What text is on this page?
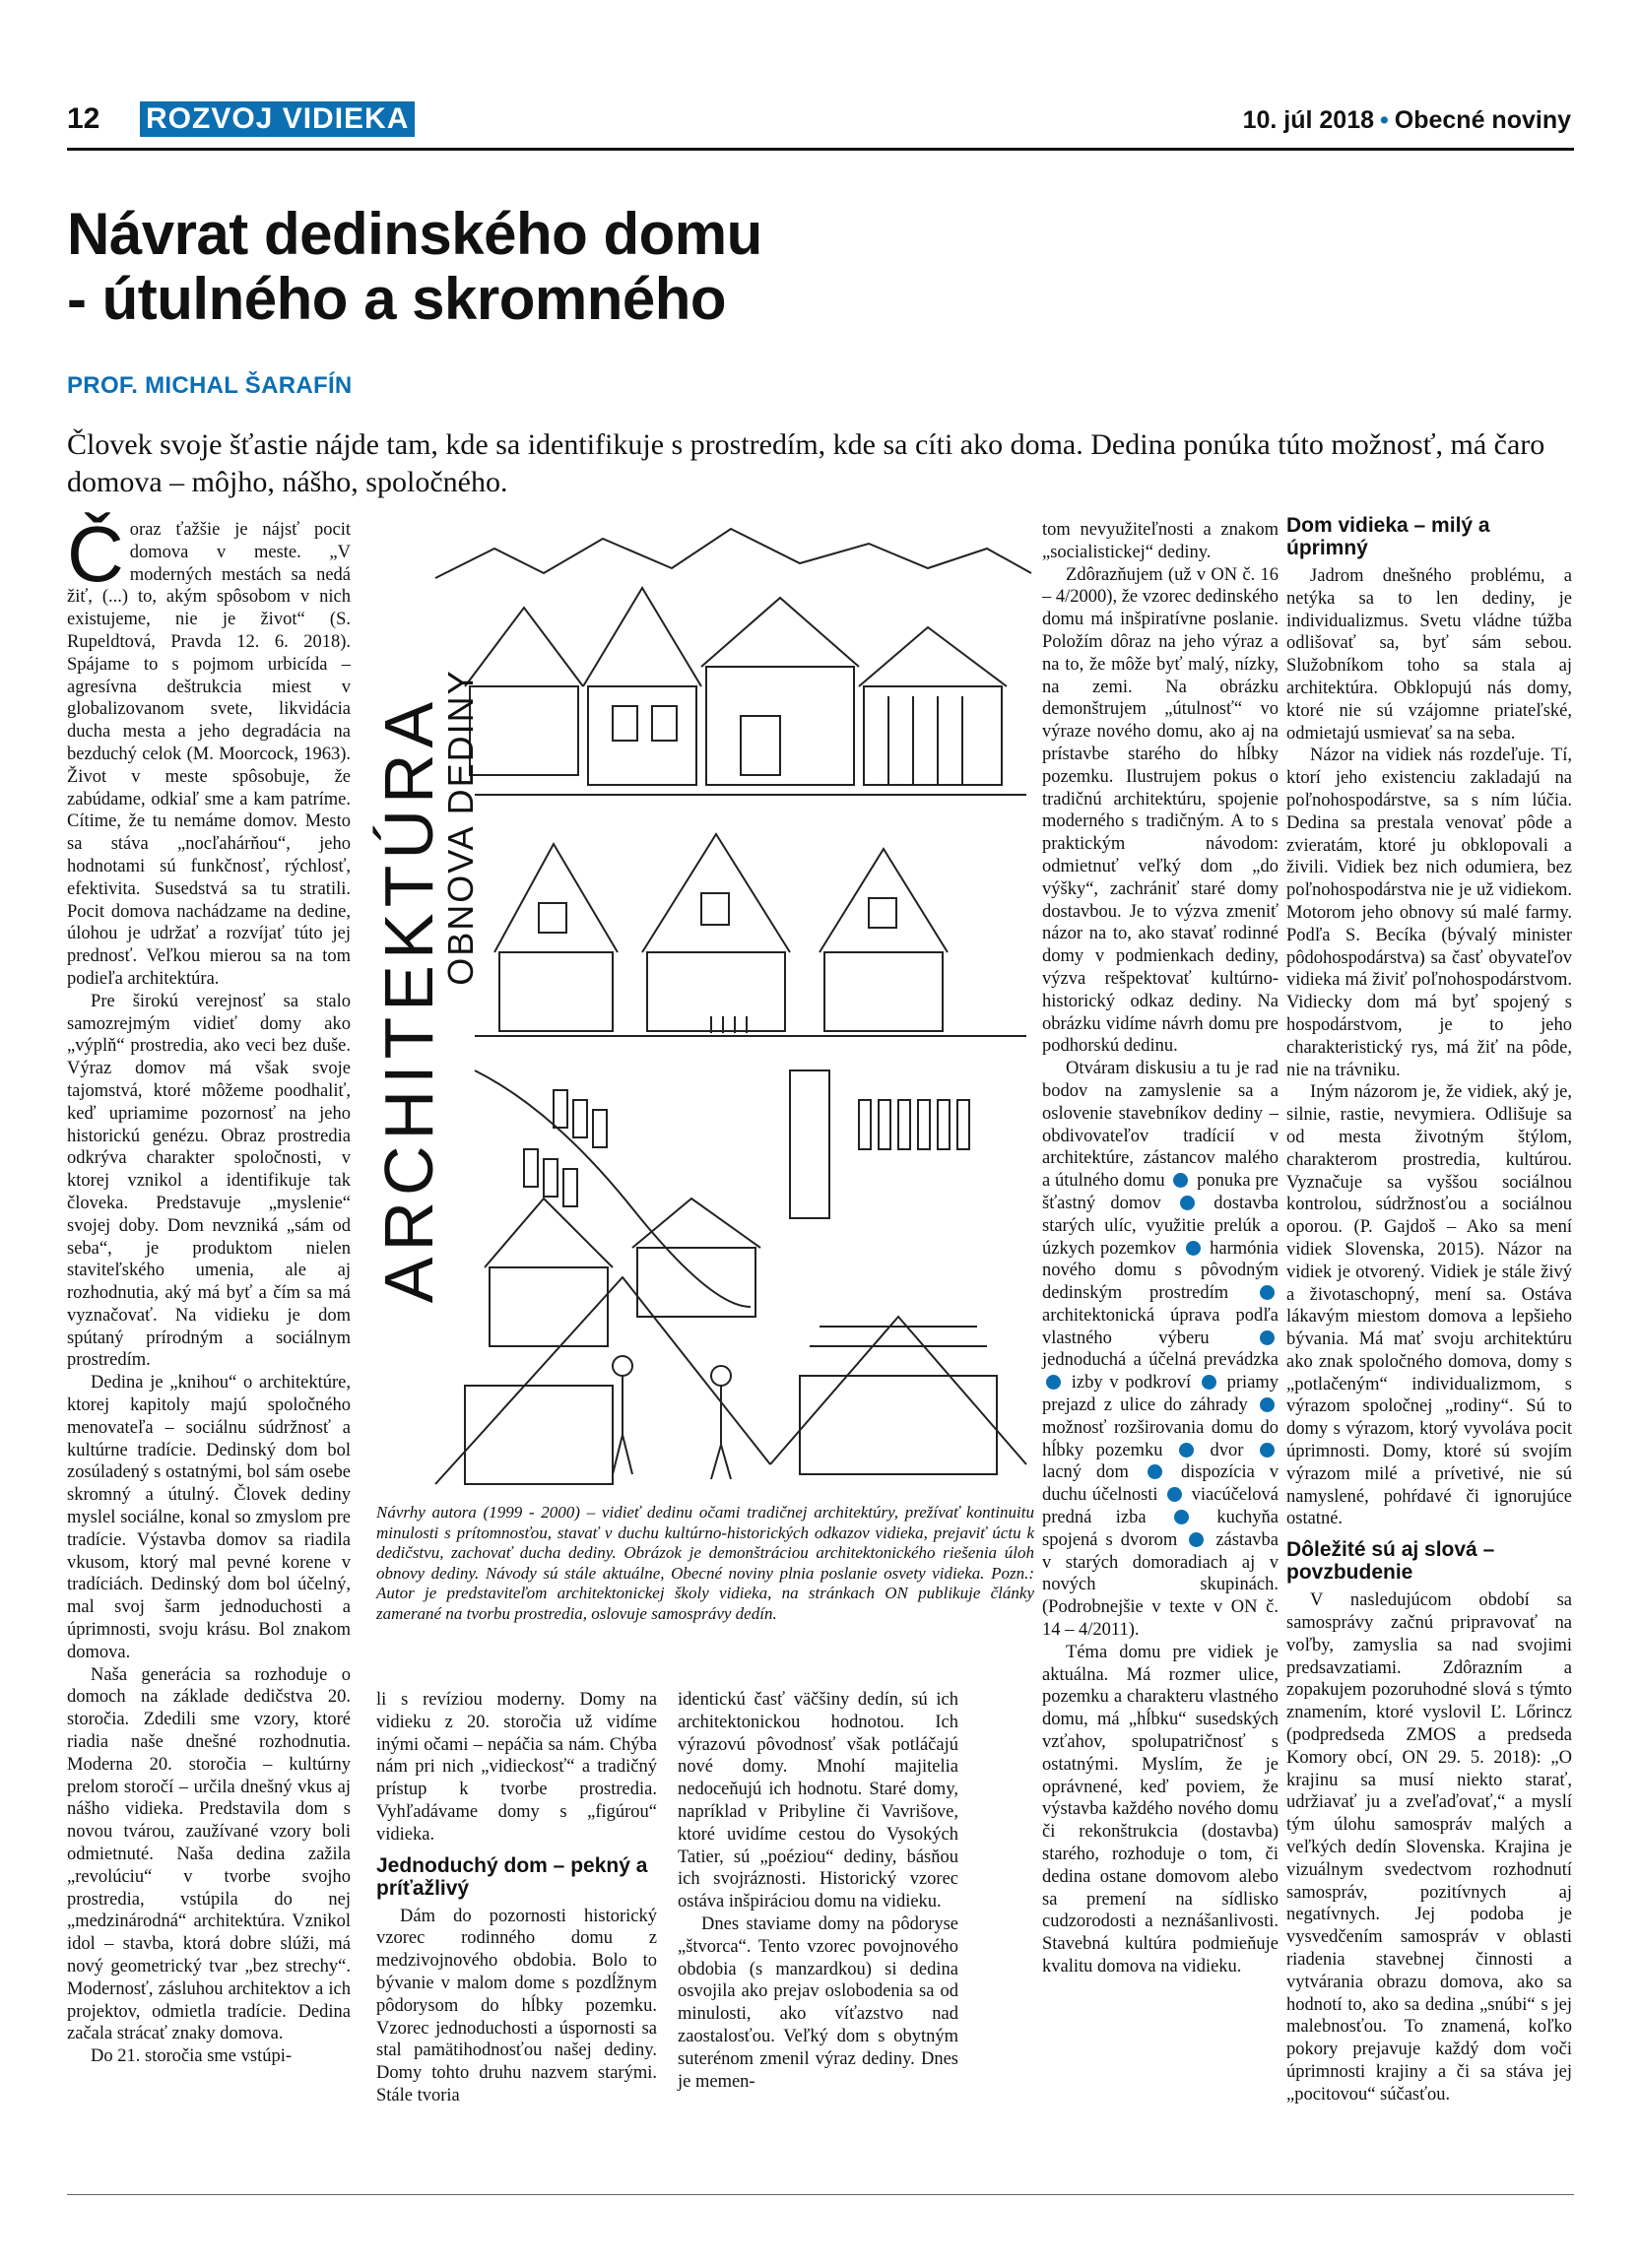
12 ROZVOJ VIDIEKA	10. júl 2018 • Obecné noviny
Návrat dedinského domu
- útulného a skromného
PROF. MICHAL ŠARAFÍN
Človek svoje šťastie nájde tam, kde sa identifikuje s prostredím, kde sa cíti ako doma. Dedina ponúka túto možnosť, má čaro domova – môjho, nášho, spoločného.

Čoraz ťažšie je nájsť pocit domova v meste. „V moderných mestách sa nedá žiť, (...) to, akým spôsobom v nich existujeme, nie je život“ (S. Rupeldtová, Pravda 12. 6. 2018). Spájame to s pojmom urbicída – agresívna deštrukcia miest v globalizovanom svete, likvidácia ducha mesta a jeho degradácia na bezduchý celok (M. Moorcock, 1963). Život v meste spôsobuje, že zabúdame, odkiaľ sme a kam patríme. Cítime, že tu nemáme domov. Mesto sa stáva „nocľahárňou“, jeho hodnotami sú funkčnosť, rýchlosť, efektivita. Susedstvá sa tu stratili. Pocit domova nachádzame na dedine, úlohou je udržať a rozvíjať túto jej prednosť. Veľkou mierou sa na tom podieľa architektúra.

Pre širokú verejnosť sa stalo samozrejmým vidieť domy ako „výplň“ prostredia, ako veci bez duše. Výraz domov má však svoje tajomstvá, ktoré môžeme poodhaliť, keď upriamime pozornosť na jeho historickú genézu. Obraz prostredia odkrýva charakter spoločnosti, v ktorej vznikol a identifikuje tak človeka. Predstavuje „myslenie“ svojej doby. Dom nevzniká „sám od seba“, je produktom nielen staviteľského umenia, ale aj rozhodnutia, aký má byť a čím sa má vyznačovať. Na vidieku je dom spútaný prírodným a sociálnym prostredím.

Dedina je „knihou“ o architektúre, ktorej kapitoly majú spoločného menovateľa – sociálnu súdržnosť a kultúrne tradície. Dedinský dom bol zosúladený s ostatnými, bol sám osebe skromný a útulný. Človek dediny myslel sociálne, konal so zmyslom pre tradície. Výstavba domov sa riadila vkusom, ktorý mal pevné korene v tradíciách. Dedinský dom bol účelný, mal svoj šarm jednoduchosti a úprimnosti, svoju krásu. Bol znakom domova.

Naša generácia sa rozhoduje o domoch na základe dedičstva 20. storočia. Zdedili sme vzory, ktoré riadia naše dnešné rozhodnutia. Moderna 20. storočia – kultúrny prelom storočí – určila dnešný vkus aj nášho vidieka. Predstavila dom s novou tvárou, zaužívané vzory boli odmietnuté. Naša dedina zažila „revolúciu“ v tvorbe svojho prostredia, vstúpila do nej „medzinárodná“ architektúra. Vznikol idol – stavba, ktorá dobre slúži, má nový geometrický tvar „bez strechy“. Modernosť, zásluhou architektov a ich projektov, odmietla tradície. Dedina začala strácať znaky domova.

Do 21. storočia sme vstúpi-

ARCHITEKTÚRA
OBNOVA DEDINY
Návrhy autora (1999 - 2000) – vidieť dedinu očami tradičnej architektúry, prežívať kontinuitu minulosti s prítomnosťou, stavať v duchu kultúrno-historických odkazov vidieka, prejaviť úctu k dedičstvu, zachovať ducha dediny. Obrázok je demonštráciou architektonického riešenia úloh obnovy dediny. Návody sú stále aktuálne, Obecné noviny plnia poslanie osvety vidieka. Pozn.: Autor je predstaviteľom architektonickej školy vidieka, na stránkach ON publikuje články zamerané na tvorbu prostredia, oslovuje samosprávy dedín.

li s revíziou moderny. Domy na vidieku z 20. storočia už vidíme inými očami – nepáčia sa nám. Chýba nám pri nich „vidieckosť“ a tradičný prístup k tvorbe prostredia. Vyhľadávame domy s „figúrou“ vidieka.

Jednoduchý dom – pekný a príťažlivý

Dám do pozornosti historický vzorec rodinného domu z medzivojnového obdobia. Bolo to bývanie v malom dome s pozdĺžnym pôdorysom do hĺbky pozemku. Vzorec jednoduchosti a úspornosti sa stal pamätihodnosťou našej dediny. Domy tohto druhu nazvem starými. Stále tvoria

identickú časť väčšiny dedín, sú ich architektonickou hodnotou. Ich výrazovú pôvodnosť však potláčajú nové domy. Mnohí majitelia nedoceňujú ich hodnotu. Staré domy, napríklad v Pribyline či Vavrišove, ktoré uvidíme cestou do Vysokých Tatier, sú „poéziou“ dediny, básňou ich svojráznosti. Historický vzorec ostáva inšpiráciou domu na vidieku.

Dnes staviame domy na pôdoryse „štvorca“. Tento vzorec povojnového obdobia (s manzardkou) si dedina osvojila ako prejav oslobodenia sa od minulosti, ako víťazstvo nad zaostalosťou. Veľký dom s obytným suterénom zmenil výraz dediny. Dnes je memen-

tom nevyužiteľnosti a znakom „socialistickej“ dediny.

Zdôrazňujem (už v ON č. 16 – 4/2000), že vzorec dedinského domu má inšpiratívne poslanie. Položím dôraz na jeho výraz a na to, že môže byť malý, nízky, na zemi. Na obrázku demonštrujem „útulnosť“ vo výraze nového domu, ako aj na prístavbe starého do hĺbky pozemku. Ilustrujem pokus o tradičnú architektúru, spojenie moderného s tradičným. A to s praktickým návodom: odmietnuť veľký dom „do výšky“, zachrániť staré domy dostavbou. Je to výzva zmeniť názor na to, ako stavať rodinné domy v podmienkach dediny, výzva rešpektovať kultúrno-historický odkaz dediny. Na obrázku vidíme návrh domu pre podhorskú dedinu.

Otváram diskusiu a tu je rad bodov na zamyslenie sa a oslovenie stavebníkov dediny – obdivovateľov tradícií v architektúre, zástancov malého a útulného domu ponuka pre šťastný domov	dostavba starých ulíc, využitie prelúk a úzkych pozemkov harmónia nového domu s pôvodným dedinským prostredím  architektonická úprava podľa vlastného výberu  jednoduchá a účelná prevádzka  izby v podkroví priamy prejazd z ulice do záhrady  možnosť rozširovania domu do hĺbky pozemku	dvor  lacný dom	dispozícia v duchu účelnosti viacúčelová predná izba	kuchyňa spojená s dvorom zástavba v starých domoradiach aj v nových skupinách. (Podrobnejšie v texte v ON č. 14 – 4/2011).

Téma domu pre vidiek je aktuálna. Má rozmer ulice, pozemku a charakteru vlastného domu, má „hĺbku“ susedských vzťahov, spolupatričnosť s ostatnými. Myslím, že je oprávnené, keď poviem, že výstavba každého nového domu či rekonštrukcia (dostavba) starého, rozhoduje o tom, či dedina ostane domovom alebo sa premení na sídlisko cudzorodosti a neznášanlivosti. Stavebná kultúra podmieňuje kvalitu domova na vidieku.

Dom vidieka – milý a úprimný

Jadrom dnešného problému, a netýka sa to len dediny, je individualizmus. Svetu vládne túžba odlišovať sa, byť sám sebou. Služobníkom toho sa stala aj architektúra. Obklopujú nás domy, ktoré nie sú vzájomne priateľské, odmietajú usmievať sa na seba.

Názor na vidiek nás rozdeľuje. Tí, ktorí jeho existenciu zakladajú na poľnohospodárstve, sa s ním lúčia. Dedina sa prestala venovať pôde a zvieratám, ktoré ju obklopovali a živili. Vidiek bez nich odumiera, bez poľnohospodárstva nie je už vidiekom. Motorom jeho obnovy sú malé farmy. Podľa S. Becíka (bývalý minister pôdohospodárstva) sa časť obyvateľov vidieka má živiť poľnohospodárstvom. Vidiecky dom má byť spojený s hospodárstvom, je to jeho charakteristický rys, má žiť na pôde, nie na trávniku.

Iným názorom je, že vidiek, aký je, silnie, rastie, nevymiera. Odlišuje sa od mesta životným štýlom, charakterom prostredia, kultúrou. Vyznačuje sa vyššou sociálnou kontrolou, súdržnosťou a sociálnou oporou. (P. Gajdoš – Ako sa mení vidiek Slovenska, 2015). Názor na vidiek je otvorený. Vidiek je stále živý a životaschopný, mení sa. Ostáva lákavým miestom domova a lepšieho bývania. Má mať svoju architektúru ako znak spoločného domova, domy s „potlačeným“ individualizmom, s výrazom spoločnej „rodiny“. Sú to domy s výrazom, ktorý vyvoláva pocit úprimnosti. Domy, ktoré sú svojím výrazom milé a prívetivé, nie sú namyslené, pohŕdavé či ignorujúce ostatné.

Dôležité sú aj slová – povzbudenie

V nasledujúcom období sa samosprávy začnú pripravovať na voľby, zamyslia sa nad svojimi predsavzatiami. Zdôrazním a zopakujem pozoruhodné slová s týmto znamením, ktoré vyslovil Ľ. Lőrincz (podpredseda ZMOS a predseda Komory obcí, ON 29. 5. 2018): „O krajinu sa musí niekto starať, udržiavať ju a zveľaďovať,“ a myslí tým úlohu samospráv malých a veľkých dedín Slovenska. Krajina je vizuálnym svedectvom rozhodnutí samospráv, pozitívnych aj negatívnych. Jej podoba je vysvedčením samospráv v oblasti riadenia stavebnej činnosti a vytvárania obrazu domova, ako sa hodnotí to, ako sa dedina „snúbi“ s jej malebnosťou. To znamená, koľko pokory prejavuje každý dom voči úprimnosti krajiny a či sa stáva jej „pocitovou“ súčasťou.
